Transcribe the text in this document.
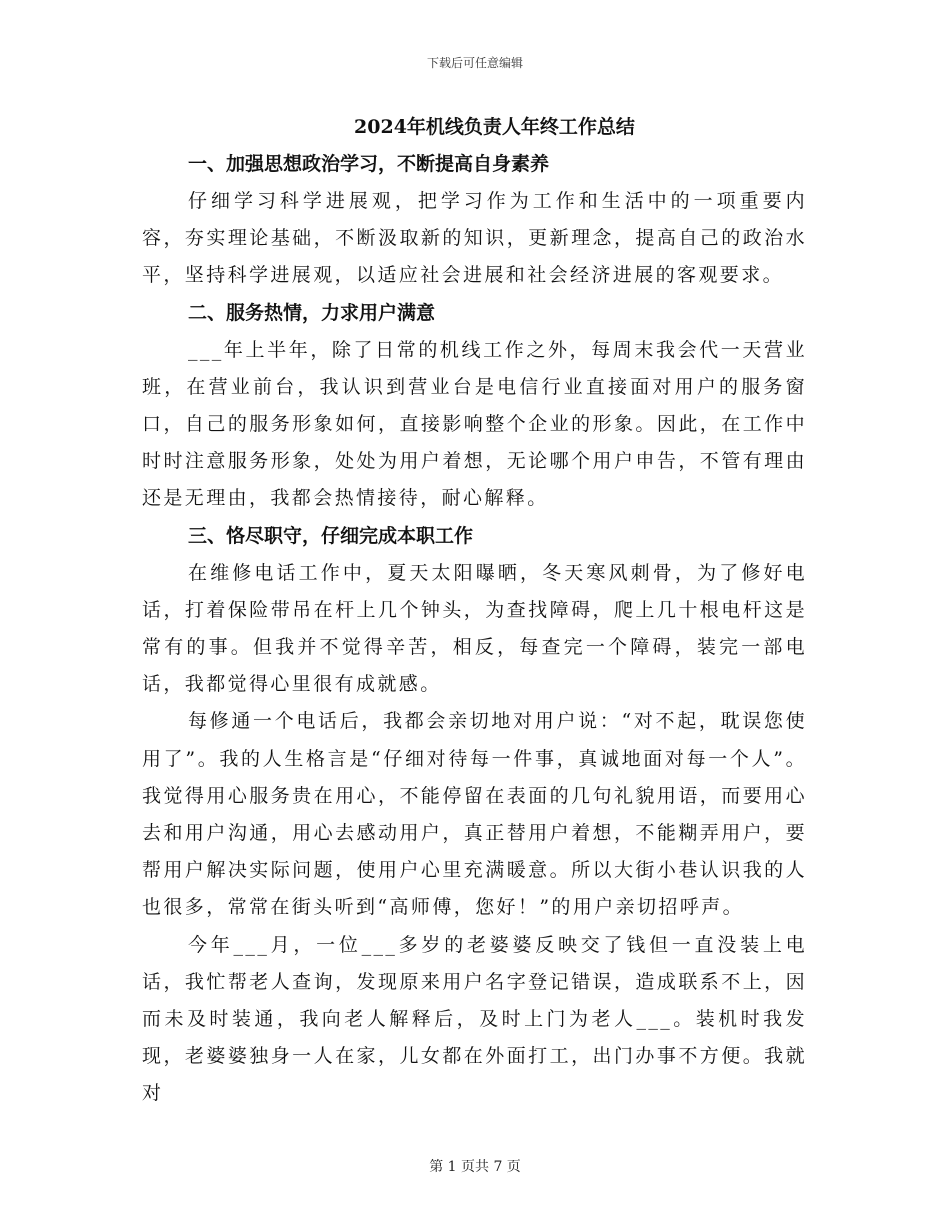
下载后可任意编辑
2024年机线负责人年终工作总结
一、加强思想政治学习，不断提高自身素养

仔细学习科学进展观，把学习作为工作和生活中的一项重要内容，夯实理论基础，不断汲取新的知识，更新理念，提高自己的政治水平，坚持科学进展观，以适应社会进展和社会经济进展的客观要求。

二、服务热情，力求用户满意

___年上半年，除了日常的机线工作之外，每周末我会代一天营业班，在营业前台，我认识到营业台是电信行业直接面对用户的服务窗口，自己的服务形象如何，直接影响整个企业的形象。因此，在工作中时时注意服务形象，处处为用户着想，无论哪个用户申告，不管有理由还是无理由，我都会热情接待，耐心解释。

三、恪尽职守，仔细完成本职工作

在维修电话工作中，夏天太阳曝晒，冬天寒风刺骨，为了修好电话，打着保险带吊在杆上几个钟头，为查找障碍，爬上几十根电杆这是常有的事。但我并不觉得辛苦，相反，每查完一个障碍，装完一部电话，我都觉得心里很有成就感。

每修通一个电话后，我都会亲切地对用户说：“对不起，耽误您使用了”。我的人生格言是“仔细对待每一件事，真诚地面对每一个人”。我觉得用心服务贵在用心，不能停留在表面的几句礼貌用语，而要用心去和用户沟通，用心去感动用户，真正替用户着想，不能糊弄用户，要帮用户解决实际问题，使用户心里充满暖意。所以大街小巷认识我的人也很多，常常在街头听到“高师傅，您好！”的用户亲切招呼声。

今年___月，一位___多岁的老婆婆反映交了钱但一直没装上电话，我忙帮老人查询，发现原来用户名字登记错误，造成联系不上，因而未及时装通，我向老人解释后，及时上门为老人___。装机时我发现，老婆婆独身一人在家，儿女都在外面打工，出门办事不方便。我就对

第 1 页共 7 页
